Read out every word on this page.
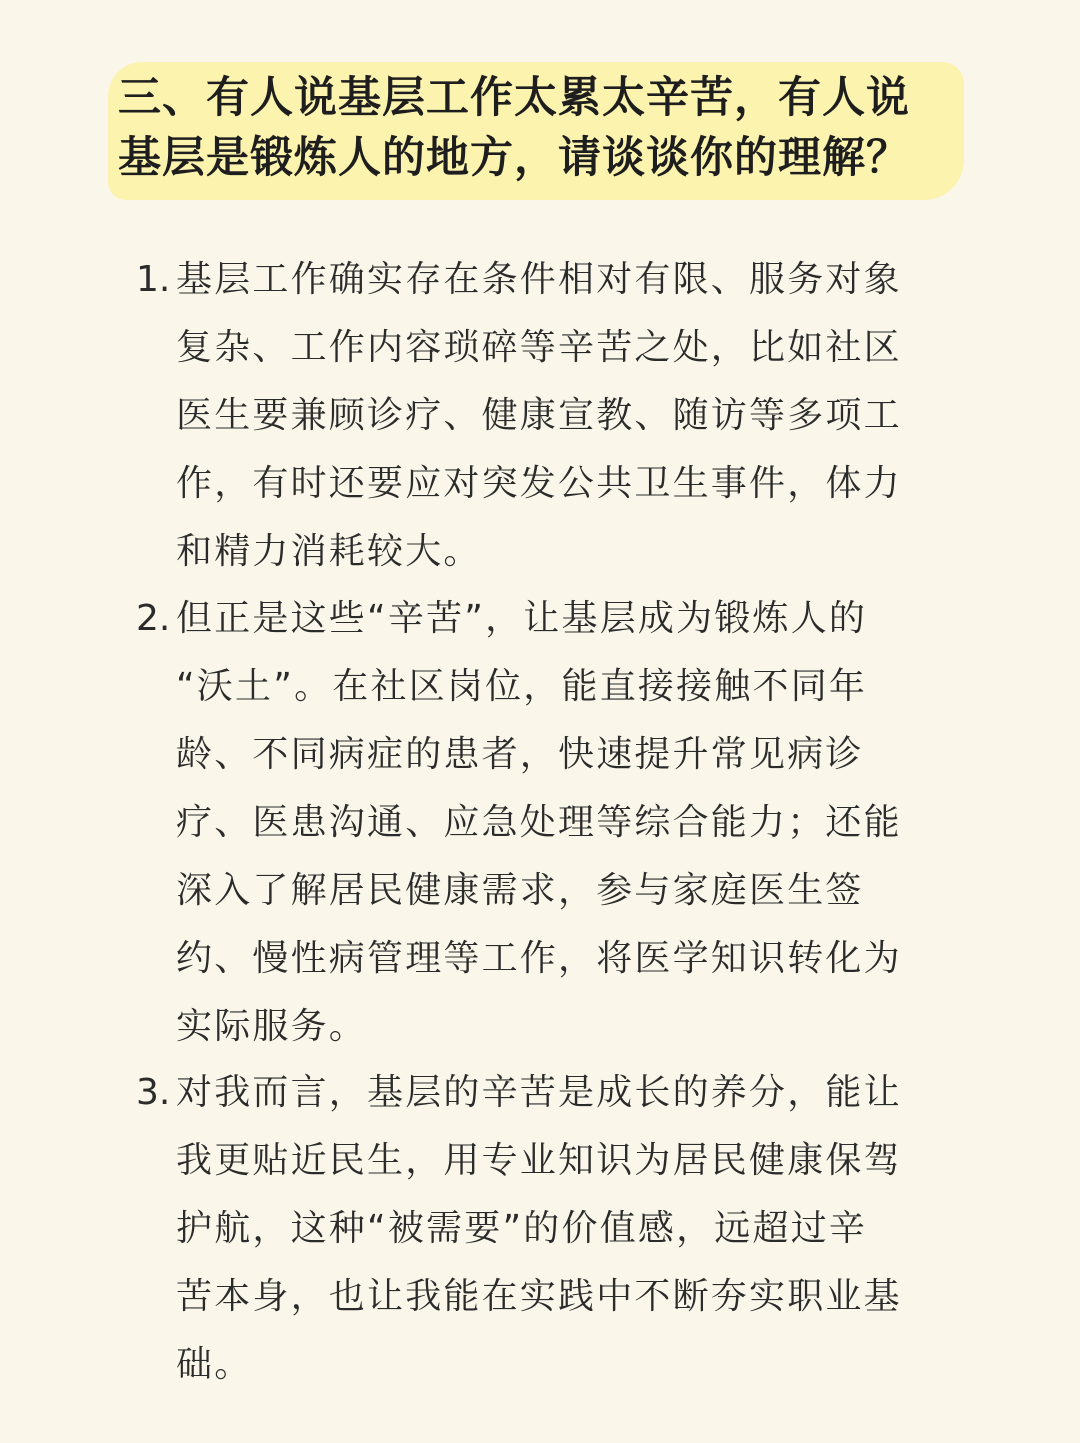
三、有人说基层工作太累太辛苦，有人说
基层是锻炼人的地方，请谈谈你的理解？
1. 基层工作确实存在条件相对有限、服务对象
复杂、工作内容琐碎等辛苦之处，比如社区
医生要兼顾诊疗、健康宣教、随访等多项工
作，有时还要应对突发公共卫生事件，体力
和精力消耗较大。
2. 但正是这些“辛苦”，让基层成为锻炼人的
“沃土”。在社区岗位，能直接接触不同年
龄、不同病症的患者，快速提升常见病诊
疗、医患沟通、应急处理等综合能力；还能
深入了解居民健康需求，参与家庭医生签
约、慢性病管理等工作，将医学知识转化为
实际服务。
3. 对我而言，基层的辛苦是成长的养分，能让
我更贴近民生，用专业知识为居民健康保驾
护航，这种“被需要”的价值感，远超过辛
苦本身，也让我能在实践中不断夯实职业基
础。
